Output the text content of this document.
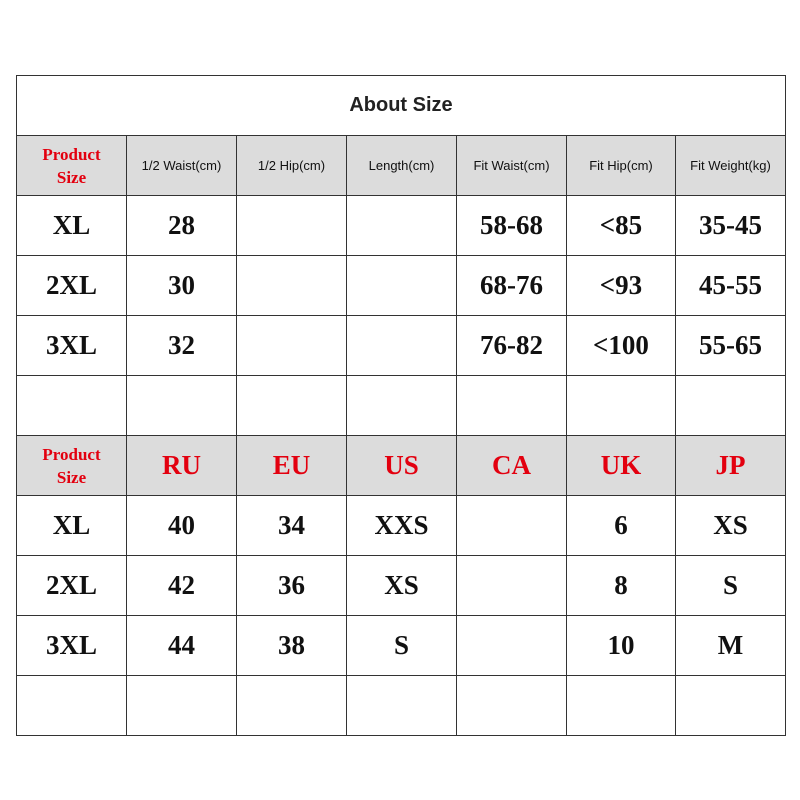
About Size						
Product
Size	1/2 Waist(cm)	1/2 Hip(cm)	Length(cm)	Fit Waist(cm)	Fit Hip(cm)	Fit Weight(kg)
XL	28			58-68	<85	35-45
2XL	30			68-76	<93	45-55
3XL	32			76-82	<100	55-65

Product
Size	RU	EU	US	CA	UK	JP
XL	40	34	XXS		6	XS
2XL	42	36	XS		8	S
3XL	44	38	S		10	M
